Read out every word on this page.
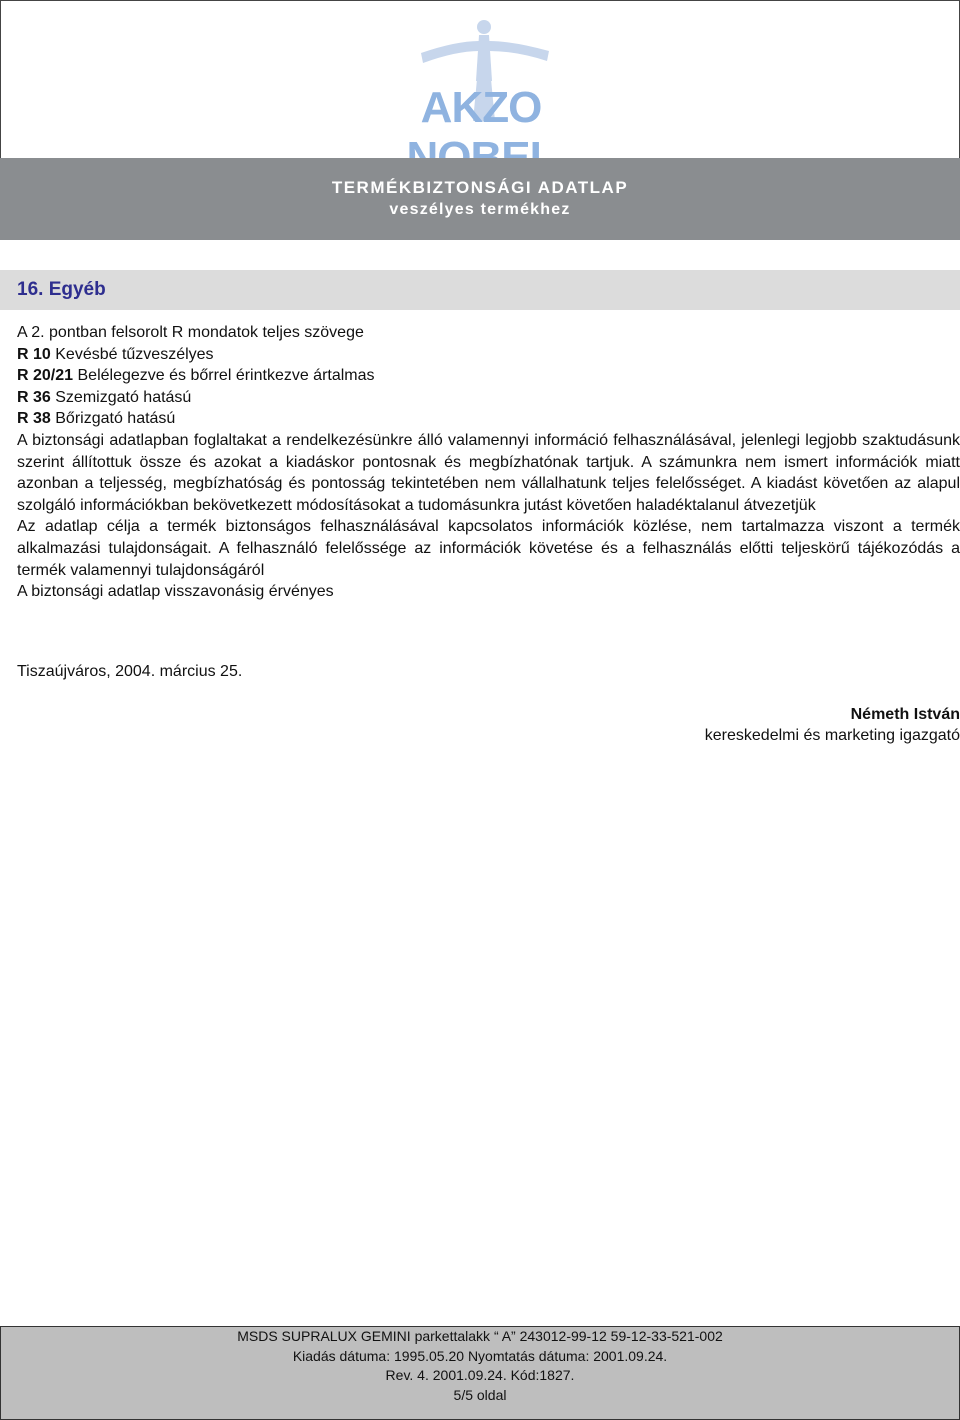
AKZO
TERMÉKBIZTONSÁGI ADATLAP
veszélyes termékhez
16. Egyéb

A 2. pontban felsorolt R mondatok teljes szövege

R 10 Kevésbé tűzveszélyes

R 20/21 Belélegezve és bőrrel érintkezve ártalmas

R 36 Szemizgató hatású

R 38 Bőrizgató hatású

A biztonsági adatlapban foglaltakat a rendelkezésünkre álló valamennyi információ felhasználásával, jelenlegi legjobb szaktudásunk szerint állítottuk össze és azokat a kiadáskor pontosnak és megbízhatónak tartjuk. A számunkra nem ismert információk miatt azonban a teljesség, megbízhatóság és pontosság tekintetében nem vállalhatunk teljes felelősséget. A kiadást követően az alapul szolgáló információkban bekövetkezett módosításokat a tudomásunkra jutást követően haladéktalanul átvezetjük

Az adatlap célja a termék biztonságos felhasználásával kapcsolatos információk közlése, nem tartalmazza viszont a termék alkalmazási tulajdonságait. A felhasználó felelőssége az információk követése és a felhasználás előtti teljeskörű tájékozódás a termék valamennyi tulajdonságáról

A biztonsági adatlap visszavonásig érvényes

Tiszaújváros, 2004. március 25.
Németh István
kereskedelmi és marketing igazgató
MSDS SUPRALUX GEMINI parkettalakk “ A” 243012-99-12 59-12-33-521-002
Kiadás dátuma: 1995.05.20 Nyomtatás dátuma: 2001.09.24.
Rev. 4. 2001.09.24. Kód:1827.
5/5 oldal
